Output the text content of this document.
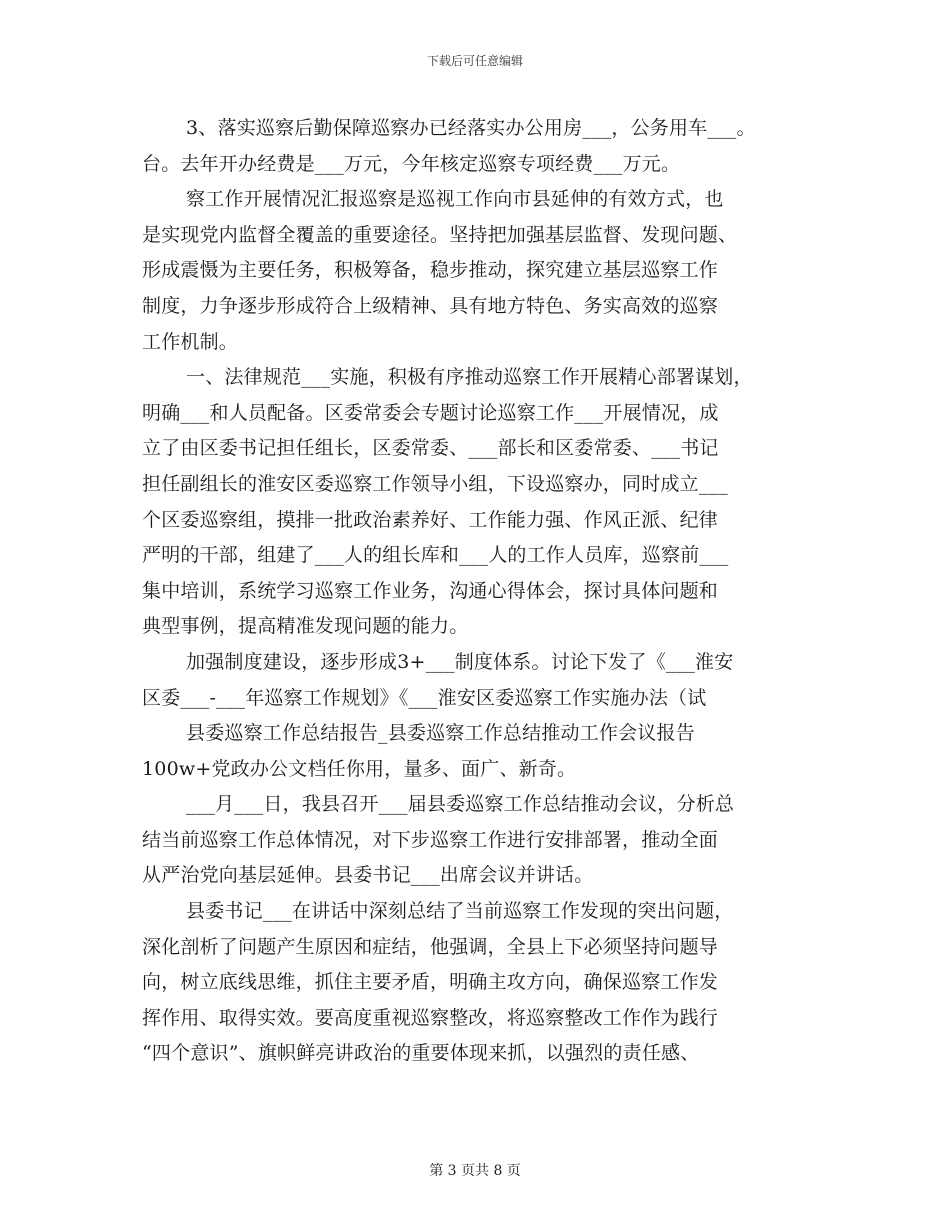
下载后可任意编辑
3、落实巡察后勤保障巡察办已经落实办公用房___，公务用车___。
台。去年开办经费是___万元，今年核定巡察专项经费___万元。
察工作开展情况汇报巡察是巡视工作向市县延伸的有效方式，也
是实现党内监督全覆盖的重要途径。坚持把加强基层监督、发现问题、
形成震慑为主要任务，积极筹备，稳步推动，探究建立基层巡察工作
制度，力争逐步形成符合上级精神、具有地方特色、务实高效的巡察
工作机制。
一、法律规范___实施，积极有序推动巡察工作开展精心部署谋划，
明确___和人员配备。区委常委会专题讨论巡察工作___开展情况，成
立了由区委书记担任组长，区委常委、___部长和区委常委、___书记
担任副组长的淮安区委巡察工作领导小组，下设巡察办，同时成立___
个区委巡察组，摸排一批政治素养好、工作能力强、作风正派、纪律
严明的干部，组建了___人的组长库和___人的工作人员库，巡察前___
集中培训，系统学习巡察工作业务，沟通心得体会，探讨具体问题和
典型事例，提高精准发现问题的能力。
加强制度建设，逐步形成3+___制度体系。讨论下发了《___淮安
区委___-___年巡察工作规划》《___淮安区委巡察工作实施办法（试
县委巡察工作总结报告_县委巡察工作总结推动工作会议报告
100w+党政办公文档任你用，量多、面广、新奇。
___月___日，我县召开___届县委巡察工作总结推动会议，分析总
结当前巡察工作总体情况，对下步巡察工作进行安排部署，推动全面
从严治党向基层延伸。县委书记___出席会议并讲话。
县委书记___在讲话中深刻总结了当前巡察工作发现的突出问题，
深化剖析了问题产生原因和症结，他强调，全县上下必须坚持问题导
向，树立底线思维，抓住主要矛盾，明确主攻方向，确保巡察工作发
挥作用、取得实效。要高度重视巡察整改，将巡察整改工作作为践行
“四个意识”、旗帜鲜亮讲政治的重要体现来抓，以强烈的责任感、
第 3 页共 8 页
